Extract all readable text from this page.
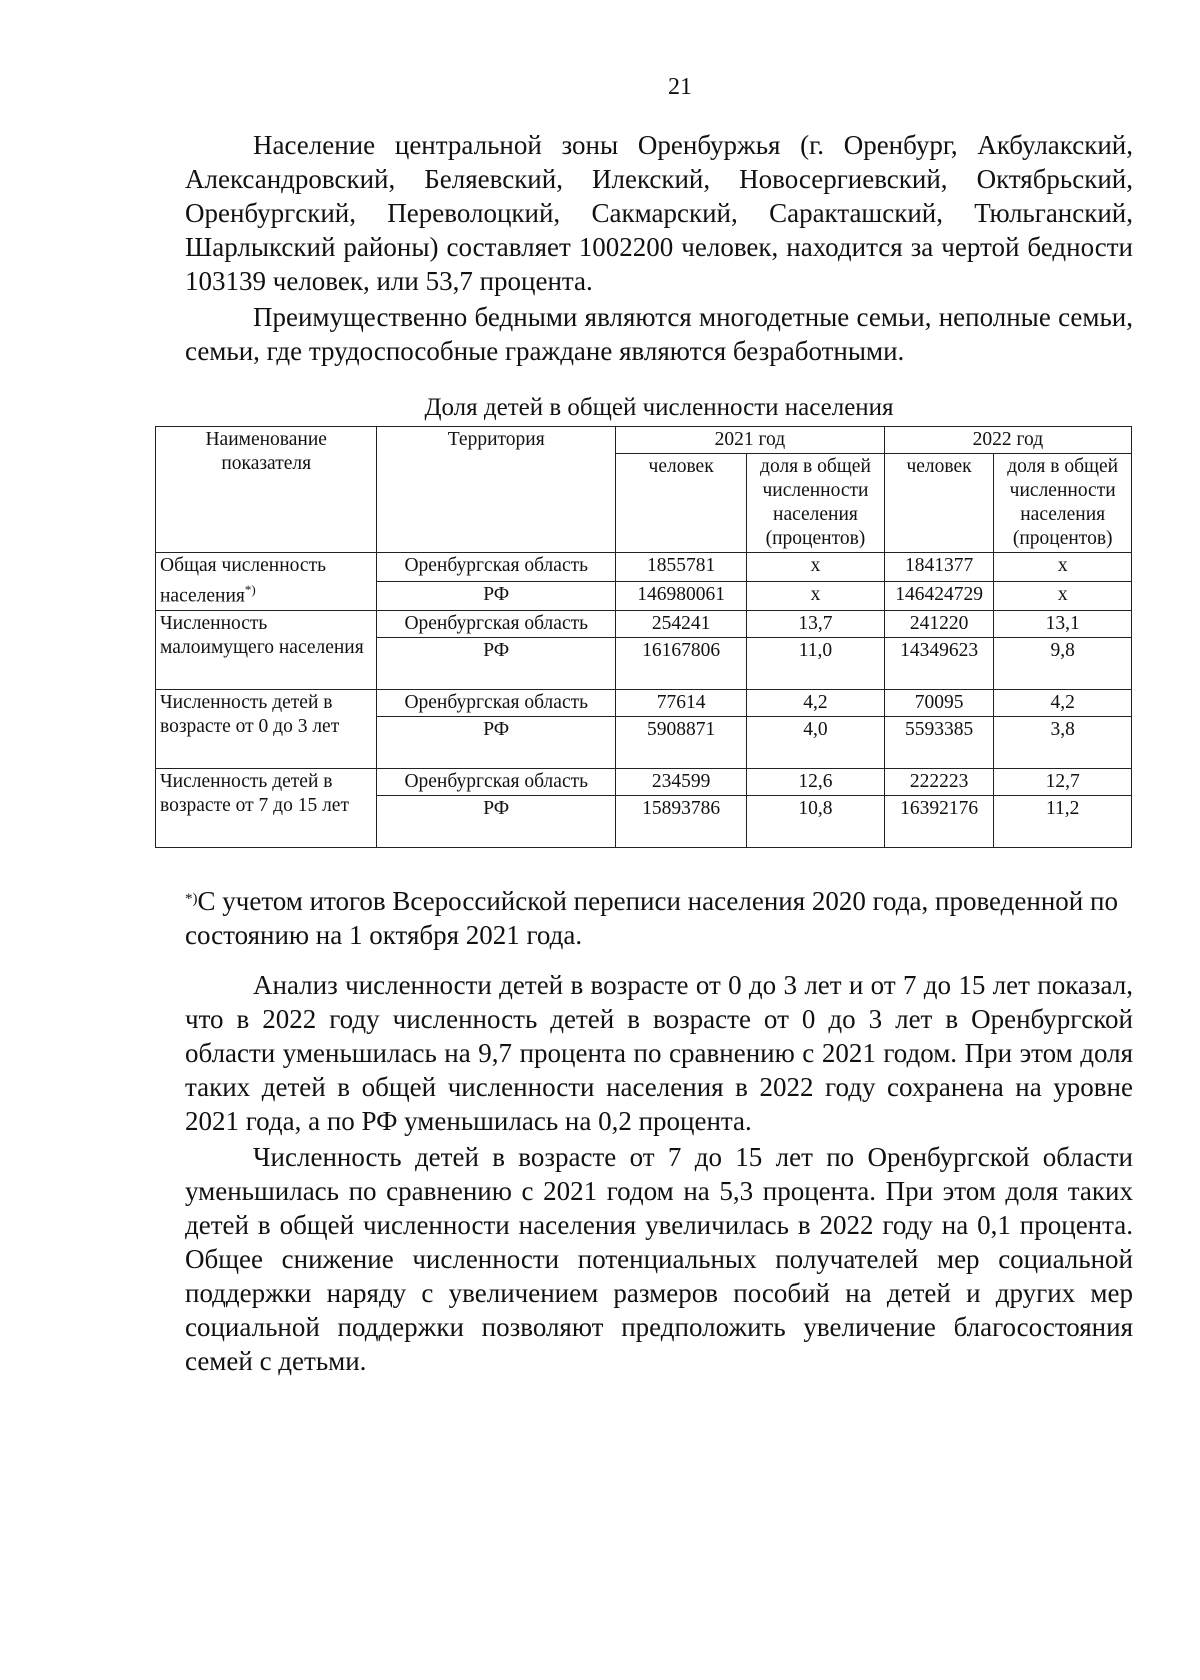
21

Население центральной зоны Оренбуржья (г. Оренбург, Акбулакский, Александровский, Беляевский, Илекский, Новосергиевский, Октябрьский, Оренбургский, Переволоцкий, Сакмарский, Саракташский, Тюльганский, Шарлыкский районы) составляет 1002200 человек, находится за чертой бедности 103139 человек, или 53,7 процента.

Преимущественно бедными являются многодетные семьи, неполные семьи, семьи, где трудоспособные граждане являются безработными.

Доля детей в общей численности населения
Наименование показателя	Территория	2021 год		2022 год	
		человек	доля в общей численности населения (процентов)	человек	доля в общей численности населения (процентов)
Общая численность населения*)	Оренбургская область	1855781	x	1841377	x
	РФ	146980061	x	146424729	x
Численность малоимущего населения	Оренбургская область	254241	13,7	241220	13,1
	РФ	16167806	11,0	14349623	9,8
Численность детей в возрасте от 0 до 3 лет	Оренбургская область	77614	4,2	70095	4,2
	РФ	5908871	4,0	5593385	3,8
Численность детей в возрасте от 7 до 15 лет	Оренбургская область	234599	12,6	222223	12,7
	РФ	15893786	10,8	16392176	11,2
*)С учетом итогов Всероссийской переписи населения 2020 года, проведенной по состоянию на 1 октября 2021 года.

Анализ численности детей в возрасте от 0 до 3 лет и от 7 до 15 лет показал, что в 2022 году численность детей в возрасте от 0 до 3 лет в Оренбургской области уменьшилась на 9,7 процента по сравнению с 2021 годом. При этом доля таких детей в общей численности населения в 2022 году сохранена на уровне 2021 года, а по РФ уменьшилась на 0,2 процента.

Численность детей в возрасте от 7 до 15 лет по Оренбургской области уменьшилась по сравнению с 2021 годом на 5,3 процента. При этом доля таких детей в общей численности населения увеличилась в 2022 году на 0,1 процента. Общее снижение численности потенциальных получателей мер социальной поддержки наряду с увеличением размеров пособий на детей и других мер социальной поддержки позволяют предположить увеличение благосостояния семей с детьми.
